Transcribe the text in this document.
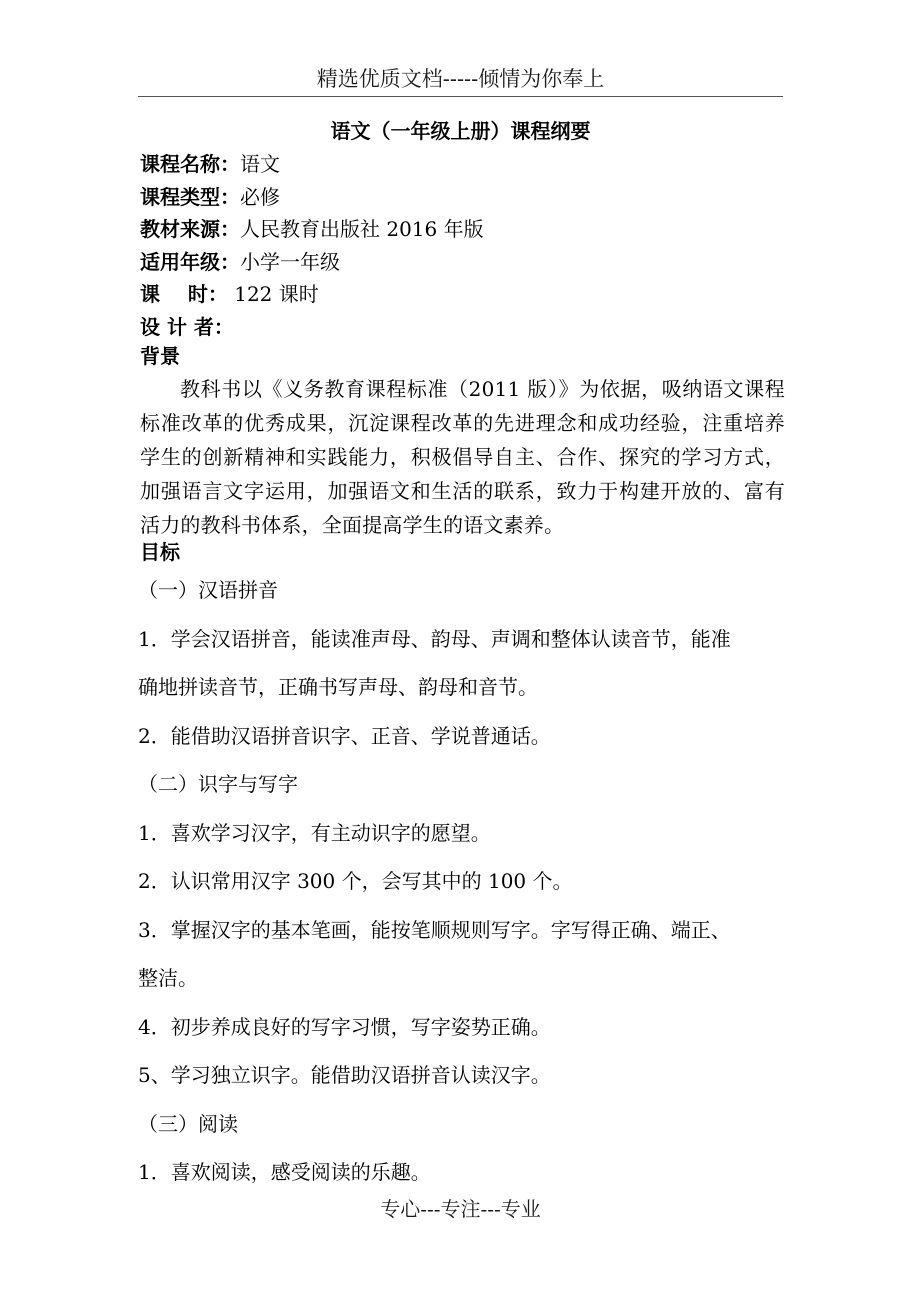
精选优质文档-----倾情为你奉上
语文（一年级上册）课程纲要
课程名称：语文
课程类型：必修
教材来源：人民教育出版社 2016 年版
适用年级：小学一年级
课    时： 122 课时
设 计 者：
背景
教科书以《义务教育课程标准（2011 版）》为依据，吸纳语文课程标准改革的优秀成果，沉淀课程改革的先进理念和成功经验，注重培养学生的创新精神和实践能力，积极倡导自主、合作、探究的学习方式，加强语言文字运用，加强语文和生活的联系，致力于构建开放的、富有活力的教科书体系，全面提高学生的语文素养。
目标
（一）汉语拼音
1．学会汉语拼音，能读准声母、韵母、声调和整体认读音节，能准
确地拼读音节，正确书写声母、韵母和音节。
2．能借助汉语拼音识字、正音、学说普通话。
（二）识字与写字
1．喜欢学习汉字，有主动识字的愿望。
2．认识常用汉字 300 个，会写其中的 100 个。
3．掌握汉字的基本笔画，能按笔顺规则写字。字写得正确、端正、
整洁。
4．初步养成良好的写字习惯，写字姿势正确。
5、学习独立识字。能借助汉语拼音认读汉字。
（三）阅读
1．喜欢阅读，感受阅读的乐趣。
专心---专注---专业
